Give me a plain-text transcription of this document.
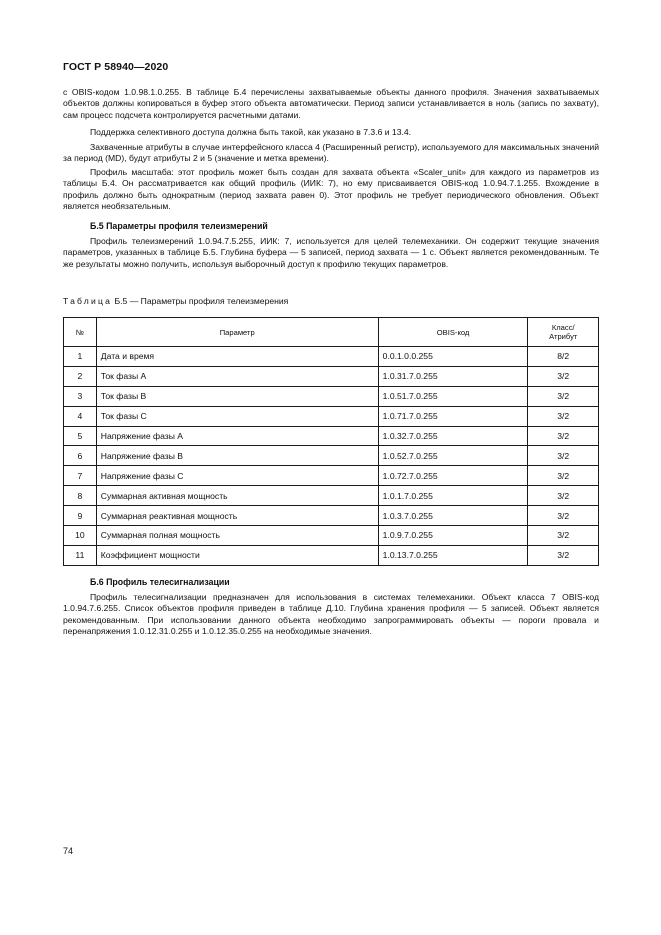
ГОСТ Р 58940—2020

с OBIS-кодом 1.0.98.1.0.255. В таблице Б.4 перечислены захватываемые объекты данного профиля. Значения захватываемых объектов должны копироваться в буфер этого объекта автоматически. Период записи устанавливается в ноль (запись по захвату), сам процесс подсчета контролируется расчетными датами.

Поддержка селективного доступа должна быть такой, как указано в 7.3.6 и 13.4.

Захваченные атрибуты в случае интерфейсного класса 4 (Расширенный регистр), используемого для максимальных значений за период (MD), будут атрибуты 2 и 5 (значение и метка времени).

Профиль масштаба: этот профиль может быть создан для захвата объекта «Scaler_unit» для каждого из параметров из таблицы Б.4. Он рассматривается как общий профиль (ИИК: 7), но ему присваивается OBIS-код 1.0.94.7.1.255. Вхождение в профиль должно быть однократным (период захвата равен 0). Этот профиль не требует периодического обновления. Объект является необязательным.

Б.5 Параметры профиля телеизмерений

Профиль телеизмерений 1.0.94.7.5.255, ИИК: 7, используется для целей телемеханики. Он содержит текущие значения параметров, указанных в таблице Б.5. Глубина буфера — 5 записей, период захвата — 1 с. Объект является рекомендованным. Те же результаты можно получить, используя выборочный доступ к профилю текущих параметров.

Таблица Б.5 — Параметры профиля телеизмерения
№	Параметр	OBIS-код	Класс/
Атрибут
1	Дата и время	0.0.1.0.0.255	8/2
2	Ток фазы А	1.0.31.7.0.255	3/2
3	Ток фазы В	1.0.51.7.0.255	3/2
4	Ток фазы С	1.0.71.7.0.255	3/2
5	Напряжение фазы А	1.0.32.7.0.255	3/2
6	Напряжение фазы В	1.0.52.7.0.255	3/2
7	Напряжение фазы С	1.0.72.7.0.255	3/2
8	Суммарная активная мощность	1.0.1.7.0.255	3/2
9	Суммарная реактивная мощность	1.0.3.7.0.255	3/2
10	Суммарная полная мощность	1.0.9.7.0.255	3/2
11	Коэффициент мощности	1.0.13.7.0.255	3/2

Б.6 Профиль телесигнализации

Профиль телесигнализации предназначен для использования в системах телемеханики. Объект класса 7 OBIS-код 1.0.94.7.6.255. Список объектов профиля приведен в таблице Д.10. Глубина хранения профиля — 5 записей. Объект является рекомендованным. При использовании данного объекта необходимо запрограммировать объекты — пороги провала и перенапряжения 1.0.12.31.0.255 и 1.0.12.35.0.255 на необходимые значения.

74
